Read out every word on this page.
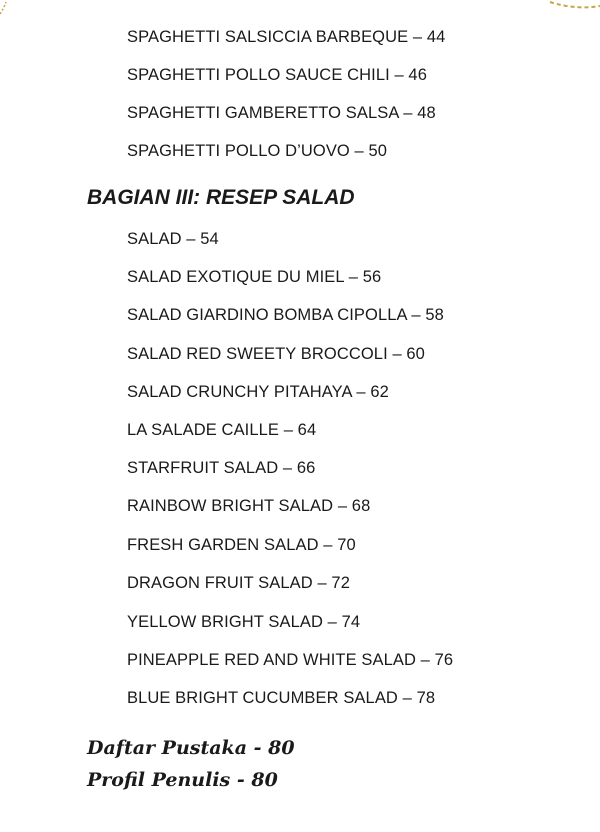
SPAGHETTI SALSICCIA BARBEQUE – 44
SPAGHETTI POLLO SAUCE CHILI – 46
SPAGHETTI GAMBERETTO SALSA – 48
SPAGHETTI POLLO D’UOVO – 50
BAGIAN III: RESEP SALAD
SALAD – 54
SALAD EXOTIQUE DU MIEL – 56
SALAD GIARDINO BOMBA CIPOLLA – 58
SALAD RED SWEETY BROCCOLI – 60
SALAD CRUNCHY PITAHAYA – 62
LA SALADE CAILLE – 64
STARFRUIT SALAD – 66
RAINBOW BRIGHT SALAD – 68
FRESH GARDEN SALAD – 70
DRAGON FRUIT SALAD – 72
YELLOW BRIGHT SALAD – 74
PINEAPPLE RED AND WHITE SALAD – 76
BLUE BRIGHT CUCUMBER SALAD – 78
Daftar Pustaka - 80
Profil Penulis - 80
